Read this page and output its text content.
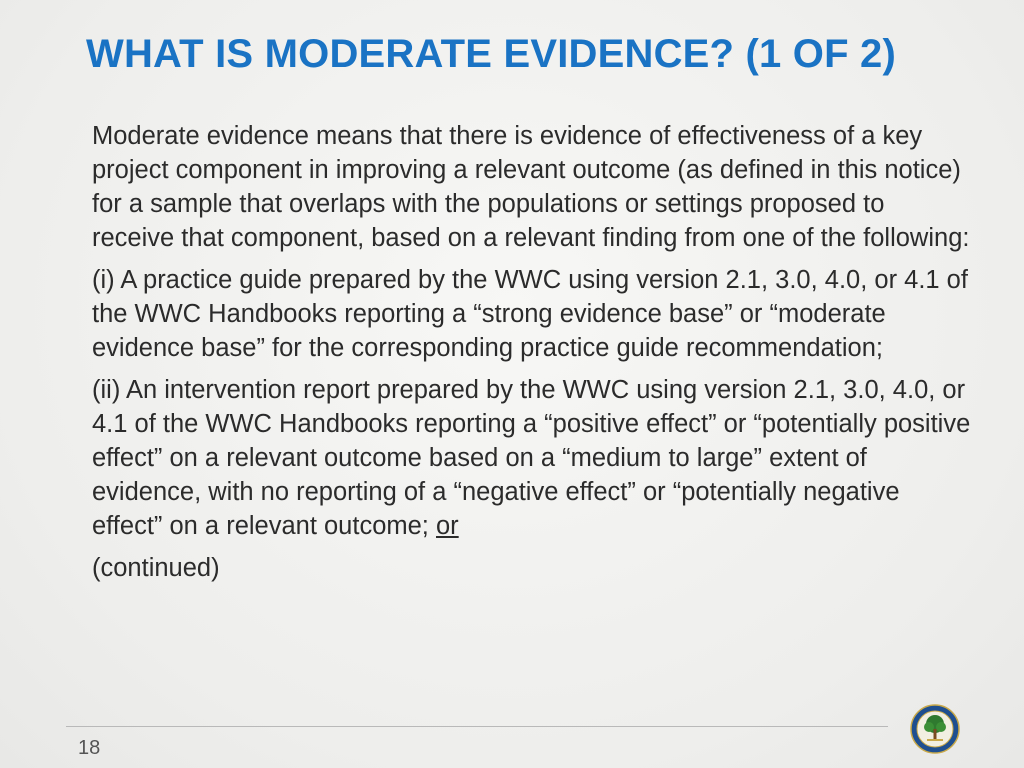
WHAT IS MODERATE EVIDENCE? (1 OF 2)

Moderate evidence means that there is evidence of effectiveness of a key project component in improving a relevant outcome (as defined in this notice) for a sample that overlaps with the populations or settings proposed to receive that component, based on a relevant finding from one of the following:

(i) A practice guide prepared by the WWC using version 2.1, 3.0, 4.0, or 4.1 of the WWC Handbooks reporting a “strong evidence base” or “moderate evidence base” for the corresponding practice guide recommendation;

(ii) An intervention report prepared by the WWC using version 2.1, 3.0, 4.0, or 4.1 of the WWC Handbooks reporting a “positive effect” or “potentially positive effect” on a relevant outcome based on a “medium to large” extent of evidence, with no reporting of a “negative effect” or “potentially negative effect” on a relevant outcome; or

(continued)

18
